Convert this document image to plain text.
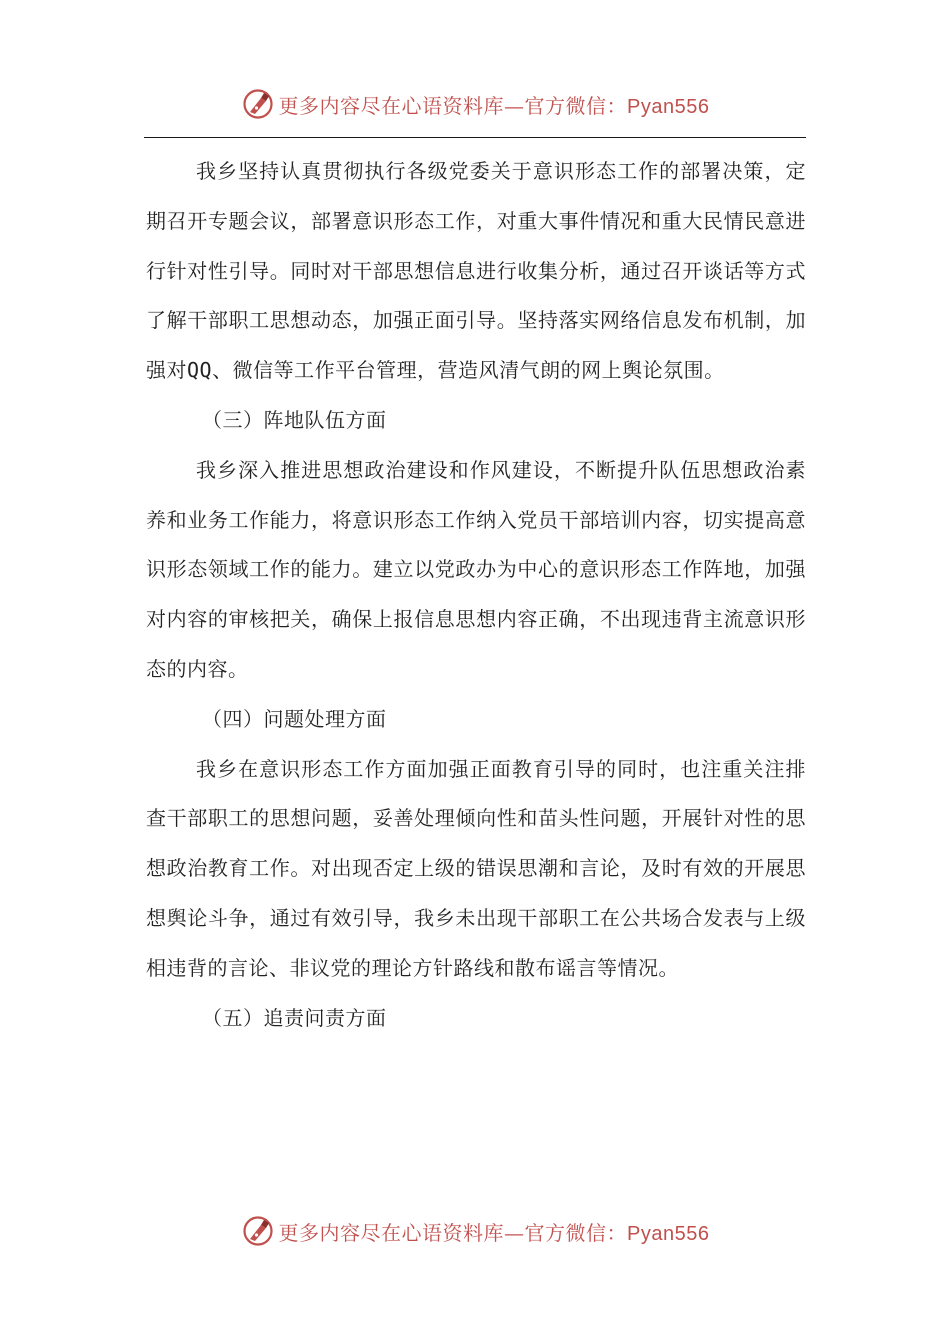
更多内容尽在心语资料库—官方微信：Pyan556

我乡坚持认真贯彻执行各级党委关于意识形态工作的部署决策，定期召开专题会议，部署意识形态工作，对重大事件情况和重大民情民意进行针对性引导。同时对干部思想信息进行收集分析，通过召开谈话等方式了解干部职工思想动态，加强正面引导。坚持落实网络信息发布机制，加强对QQ、微信等工作平台管理，营造风清气朗的网上舆论氛围。

（三）阵地队伍方面

我乡深入推进思想政治建设和作风建设，不断提升队伍思想政治素养和业务工作能力，将意识形态工作纳入党员干部培训内容，切实提高意识形态领域工作的能力。建立以党政办为中心的意识形态工作阵地，加强对内容的审核把关，确保上报信息思想内容正确，不出现违背主流意识形态的内容。

（四）问题处理方面

我乡在意识形态工作方面加强正面教育引导的同时，也注重关注排查干部职工的思想问题，妥善处理倾向性和苗头性问题，开展针对性的思想政治教育工作。对出现否定上级的错误思潮和言论，及时有效的开展思想舆论斗争，通过有效引导，我乡未出现干部职工在公共场合发表与上级相违背的言论、非议党的理论方针路线和散布谣言等情况。

（五）追责问责方面

更多内容尽在心语资料库—官方微信：Pyan556
